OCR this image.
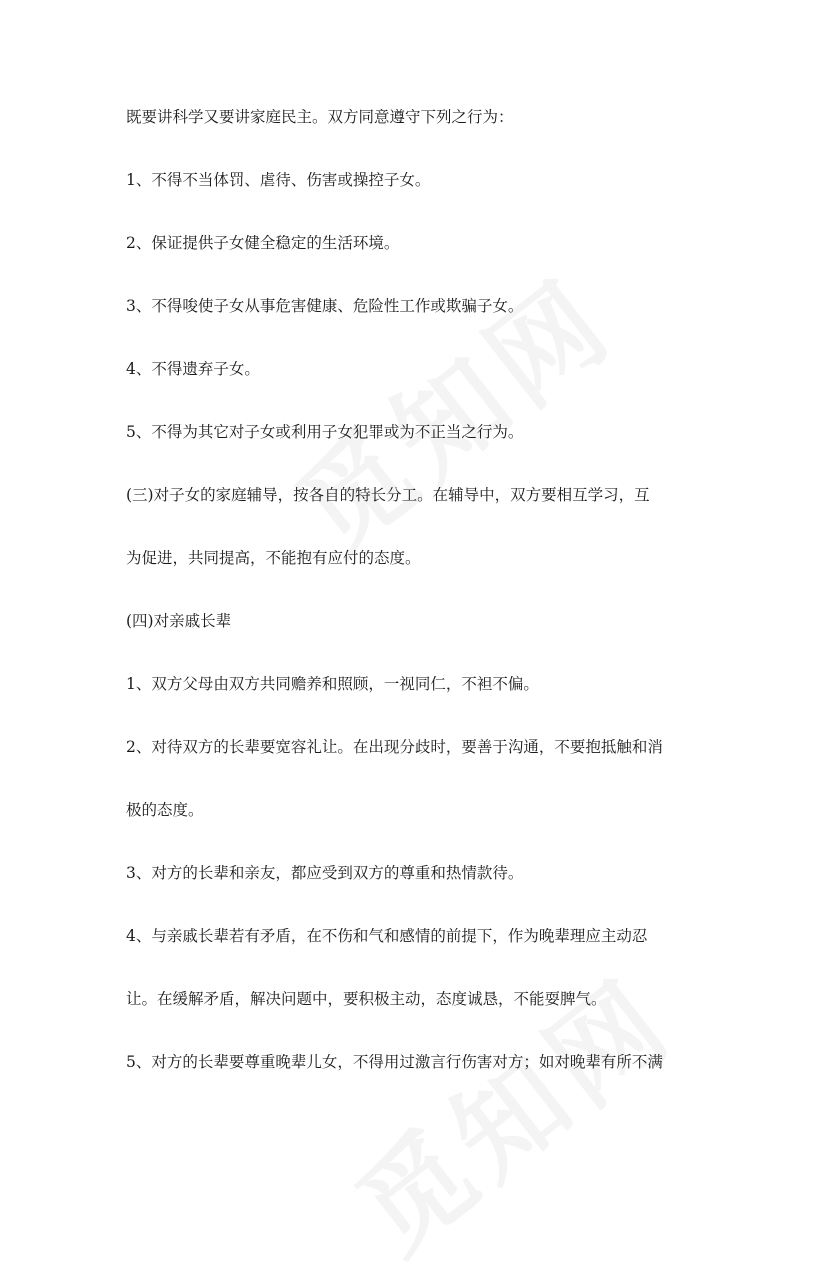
既要讲科学又要讲家庭民主。双方同意遵守下列之行为：
1、不得不当体罚、虐待、伤害或操控子女。
2、保证提供子女健全稳定的生活环境。
3、不得唆使子女从事危害健康、危险性工作或欺骗子女。
4、不得遗弃子女。
5、不得为其它对子女或利用子女犯罪或为不正当之行为。
(三)对子女的家庭辅导，按各自的特长分工。在辅导中，双方要相互学习，互
为促进，共同提高，不能抱有应付的态度。
(四)对亲戚长辈
1、双方父母由双方共同赡养和照顾，一视同仁，不袒不偏。
2、对待双方的长辈要宽容礼让。在出现分歧时，要善于沟通，不要抱抵触和消
极的态度。
3、对方的长辈和亲友，都应受到双方的尊重和热情款待。
4、与亲戚长辈若有矛盾，在不伤和气和感情的前提下，作为晚辈理应主动忍
让。在缓解矛盾，解决问题中，要积极主动，态度诚恳，不能耍脾气。
5、对方的长辈要尊重晚辈儿女，不得用过激言行伤害对方；如对晚辈有所不满
